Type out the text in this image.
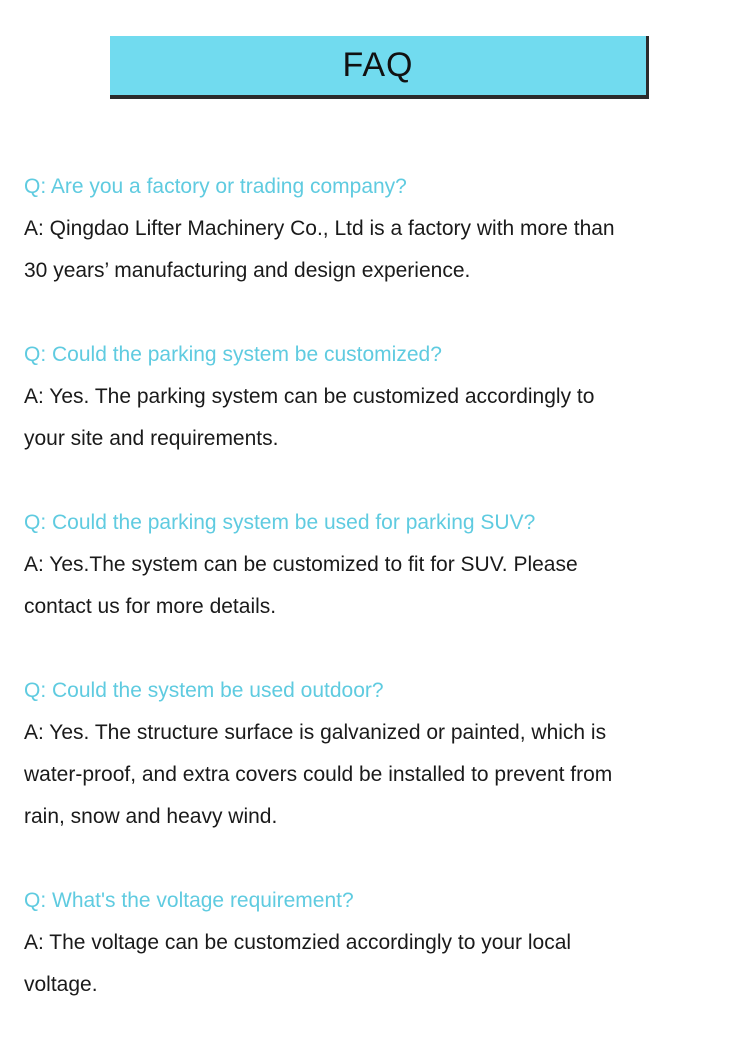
FAQ
Q: Are you a factory or trading company?
A: Qingdao Lifter Machinery Co., Ltd is a factory with more than
30 years’ manufacturing and design experience.
Q: Could the parking system be customized?
A: Yes. The parking system can be customized accordingly to
your site and requirements.
Q: Could the parking system be used for parking SUV?
A: Yes.The system can be customized to fit for SUV. Please
contact us for more details.
Q: Could the system be used outdoor?
A: Yes. The structure surface is galvanized or painted, which is
water-proof, and extra covers could be installed to prevent from
rain, snow and heavy wind.
Q: What's the voltage requirement?
A: The voltage can be customzied accordingly to your local
voltage.
